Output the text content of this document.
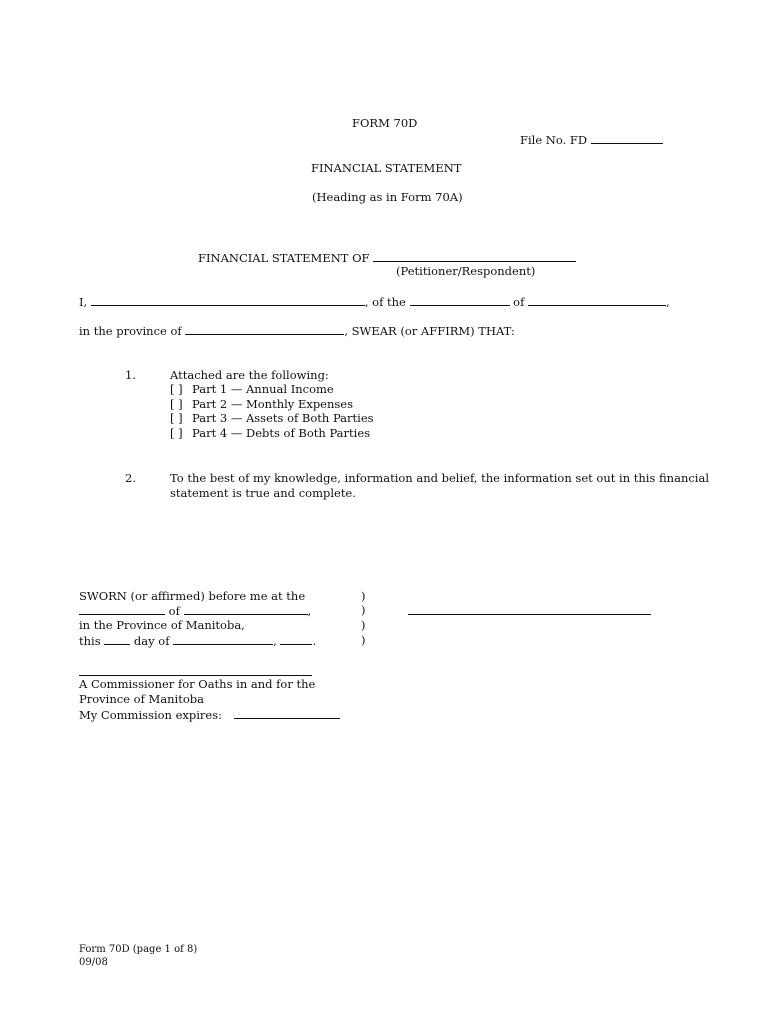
FORM 70D
File No. FD
FINANCIAL STATEMENT
(Heading as in Form 70A)
FINANCIAL STATEMENT OF
(Petitioner/Respondent)
I,	, of the	of	,
in the province of	, SWEAR (or AFFIRM) THAT:
1.	Attached are the following:
[ ] Part 1 — Annual Income
[ ] Part 2 — Monthly Expenses
[ ] Part 3 — Assets of Both Parties
[ ] Part 4 — Debts of Both Parties
2.	To the best of my knowledge, information and belief, the information set out in this financial
statement is true and complete.
SWORN (or affirmed) before me at the
of	,
in the Province of Manitoba,
this	day of	,	.
)
)
)
)
A Commissioner for Oaths in and for the
Province of Manitoba
My Commission expires:
Form 70D (page 1 of 8)
09/08
